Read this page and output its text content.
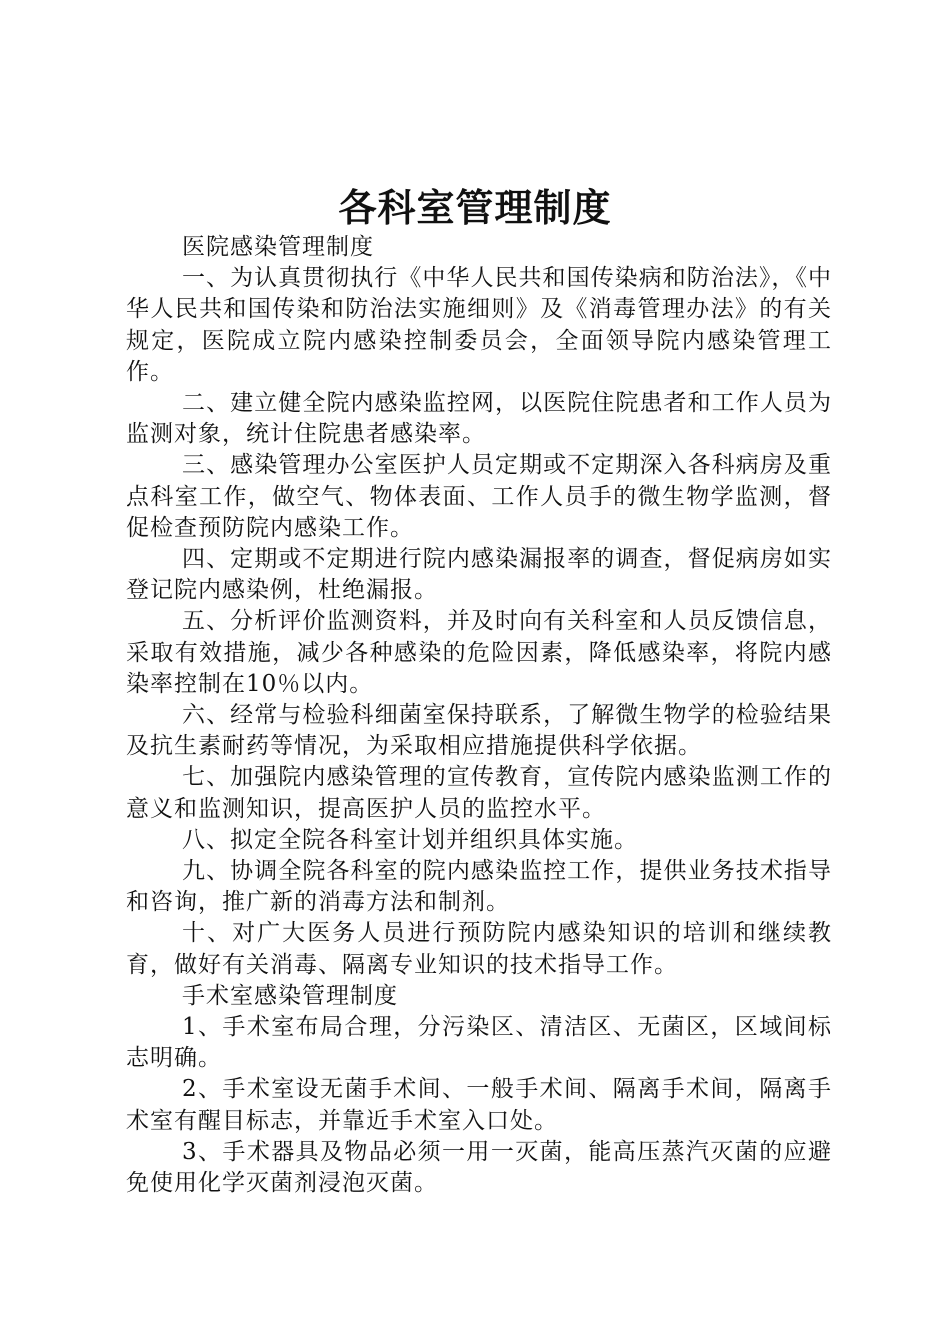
各科室管理制度

医院感染管理制度

一、为认真贯彻执行《中华人民共和国传染病和防治法》，《中华人民共和国传染和防治法实施细则》及《消毒管理办法》的有关规定，医院成立院内感染控制委员会，全面领导院内感染管理工作。

二、建立健全院内感染监控网，以医院住院患者和工作人员为监测对象，统计住院患者感染率。

三、感染管理办公室医护人员定期或不定期深入各科病房及重点科室工作，做空气、物体表面、工作人员手的微生物学监测，督促检查预防院内感染工作。

四、定期或不定期进行院内感染漏报率的调查，督促病房如实登记院内感染例，杜绝漏报。

五、分析评价监测资料，并及时向有关科室和人员反馈信息，采取有效措施，减少各种感染的危险因素，降低感染率，将院内感染率控制在10％以内。

六、经常与检验科细菌室保持联系，了解微生物学的检验结果及抗生素耐药等情况，为采取相应措施提供科学依据。

七、加强院内感染管理的宣传教育，宣传院内感染监测工作的意义和监测知识，提高医护人员的监控水平。

八、拟定全院各科室计划并组织具体实施。

九、协调全院各科室的院内感染监控工作，提供业务技术指导和咨询，推广新的消毒方法和制剂。

十、对广大医务人员进行预防院内感染知识的培训和继续教育，做好有关消毒、隔离专业知识的技术指导工作。

手术室感染管理制度

1、手术室布局合理，分污染区、清洁区、无菌区，区域间标志明确。

2、手术室设无菌手术间、一般手术间、隔离手术间，隔离手术室有醒目标志，并靠近手术室入口处。

3、手术器具及物品必须一用一灭菌，能高压蒸汽灭菌的应避免使用化学灭菌剂浸泡灭菌。
